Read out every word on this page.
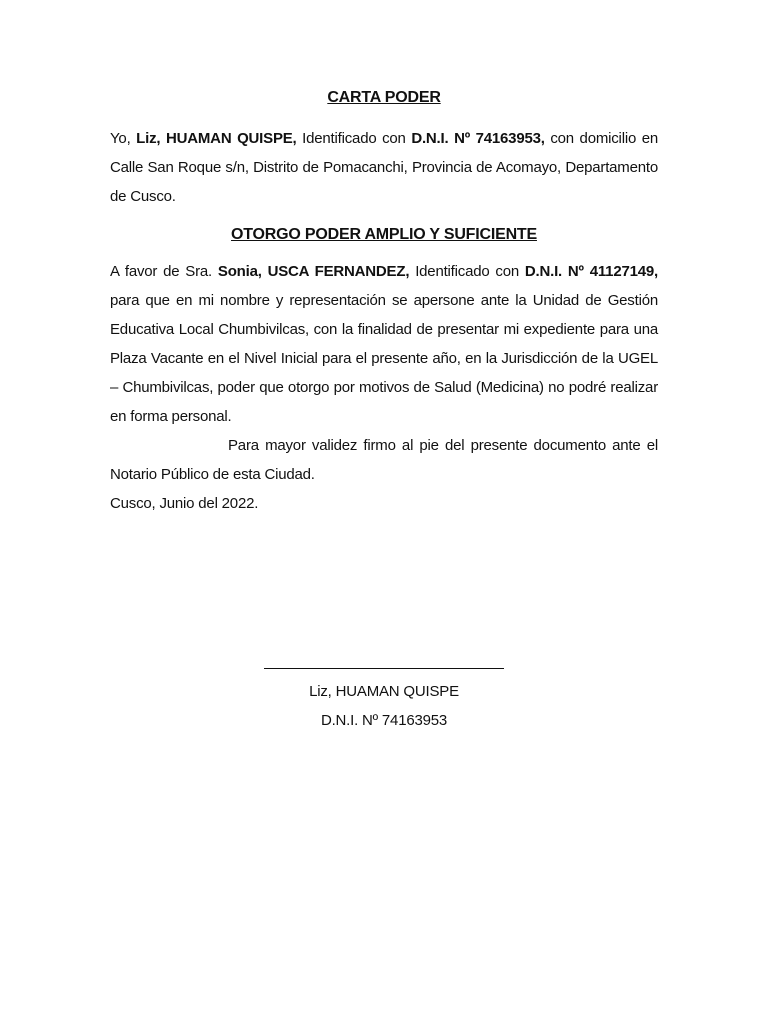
CARTA PODER

Yo, Liz, HUAMAN QUISPE, Identificado con D.N.I. Nº 74163953, con domicilio en Calle San Roque s/n, Distrito de Pomacanchi, Provincia de Acomayo, Departamento de Cusco.

OTORGO PODER AMPLIO Y SUFICIENTE

A favor de Sra. Sonia, USCA FERNANDEZ, Identificado con D.N.I. Nº 41127149, para que en mi nombre y representación se apersone ante la Unidad de Gestión Educativa Local Chumbivilcas, con la finalidad de presentar mi expediente para una Plaza Vacante en el Nivel Inicial para el presente año, en la Jurisdicción de la UGEL – Chumbivilcas, poder que otorgo por motivos de Salud (Medicina) no podré realizar en forma personal.

Para mayor validez firmo al pie del presente documento ante el Notario Público de esta Ciudad.

Cusco, Junio del 2022.

Liz, HUAMAN QUISPE
D.N.I. Nº 74163953
